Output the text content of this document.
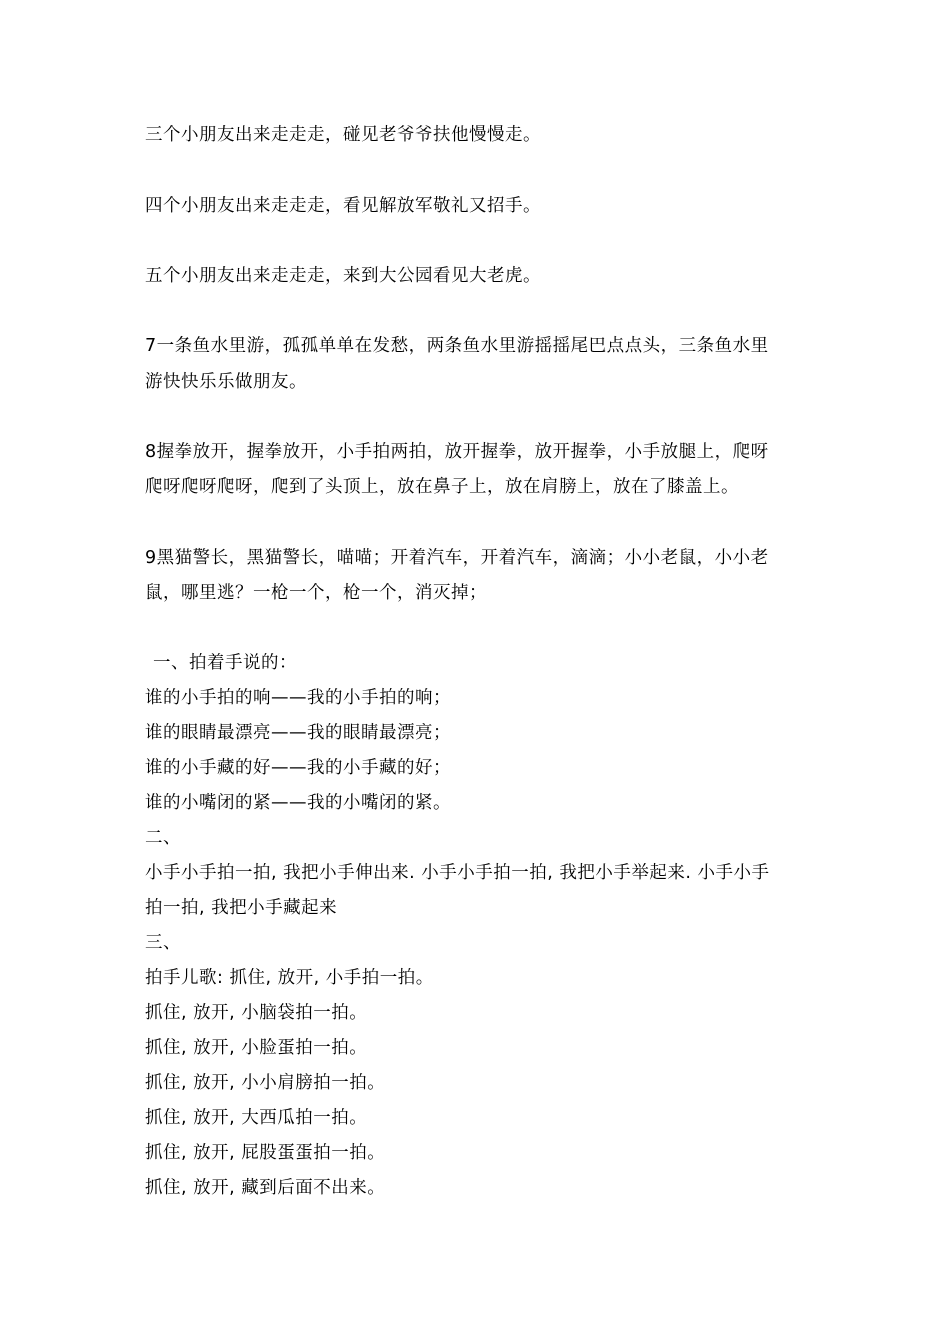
三个小朋友出来走走走，碰见老爷爷扶他慢慢走。
四个小朋友出来走走走，看见解放军敬礼又招手。
五个小朋友出来走走走，来到大公园看见大老虎。
7一条鱼水里游，孤孤单单在发愁，两条鱼水里游摇摇尾巴点点头，三条鱼水里
游快快乐乐做朋友。
8握拳放开，握拳放开，小手拍两拍，放开握拳，放开握拳，小手放腿上，爬呀
爬呀爬呀爬呀，爬到了头顶上，放在鼻子上，放在肩膀上，放在了膝盖上。
9黑猫警长，黑猫警长，喵喵；开着汽车，开着汽车，滴滴；小小老鼠，小小老
鼠，哪里逃？一枪一个，枪一个，消灭掉；
一、拍着手说的：
谁的小手拍的响——我的小手拍的响；
谁的眼睛最漂亮——我的眼睛最漂亮；
谁的小手藏的好——我的小手藏的好；
谁的小嘴闭的紧——我的小嘴闭的紧。
二、
小手小手拍一拍, 我把小手伸出来. 小手小手拍一拍, 我把小手举起来. 小手小手
拍一拍, 我把小手藏起来
三、
拍手儿歌: 抓住, 放开, 小手拍一拍。
抓住, 放开, 小脑袋拍一拍。
抓住, 放开, 小脸蛋拍一拍。
抓住, 放开, 小小肩膀拍一拍。
抓住, 放开, 大西瓜拍一拍。
抓住, 放开, 屁股蛋蛋拍一拍。
抓住, 放开, 藏到后面不出来。
